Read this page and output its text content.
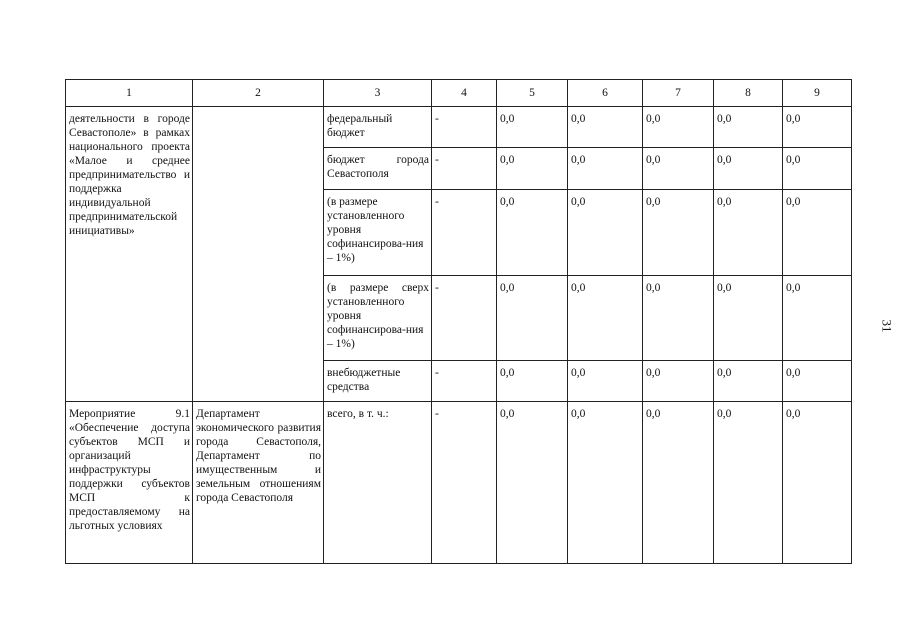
1	2	3	4	5	6	7	8	9
деятельности в городе Севастополе» в рамках национального проекта «Малое и среднее предпринимательство и поддержка индивидуальной предпринимательской инициативы»		федеральный бюджет	-	0,0	0,0	0,0	0,0	0,0
		бюджет города Севастополя	-	0,0	0,0	0,0	0,0	0,0
		(в размере установленного уровня софинансирова-ния – 1%)	-	0,0	0,0	0,0	0,0	0,0
		(в размере сверх установленного уровня софинансирова-ния – 1%)	-	0,0	0,0	0,0	0,0	0,0
		внебюджетные средства	-	0,0	0,0	0,0	0,0	0,0
Мероприятие 9.1 «Обеспечение доступа субъектов МСП и организаций инфраструктуры поддержки субъектов МСП к предоставляемому на льготных условиях	Департамент экономического развития города Севастополя, Департамент по имущественным и земельным отношениям города Севастополя	всего, в т. ч.:	-	0,0	0,0	0,0	0,0	0,0
31
